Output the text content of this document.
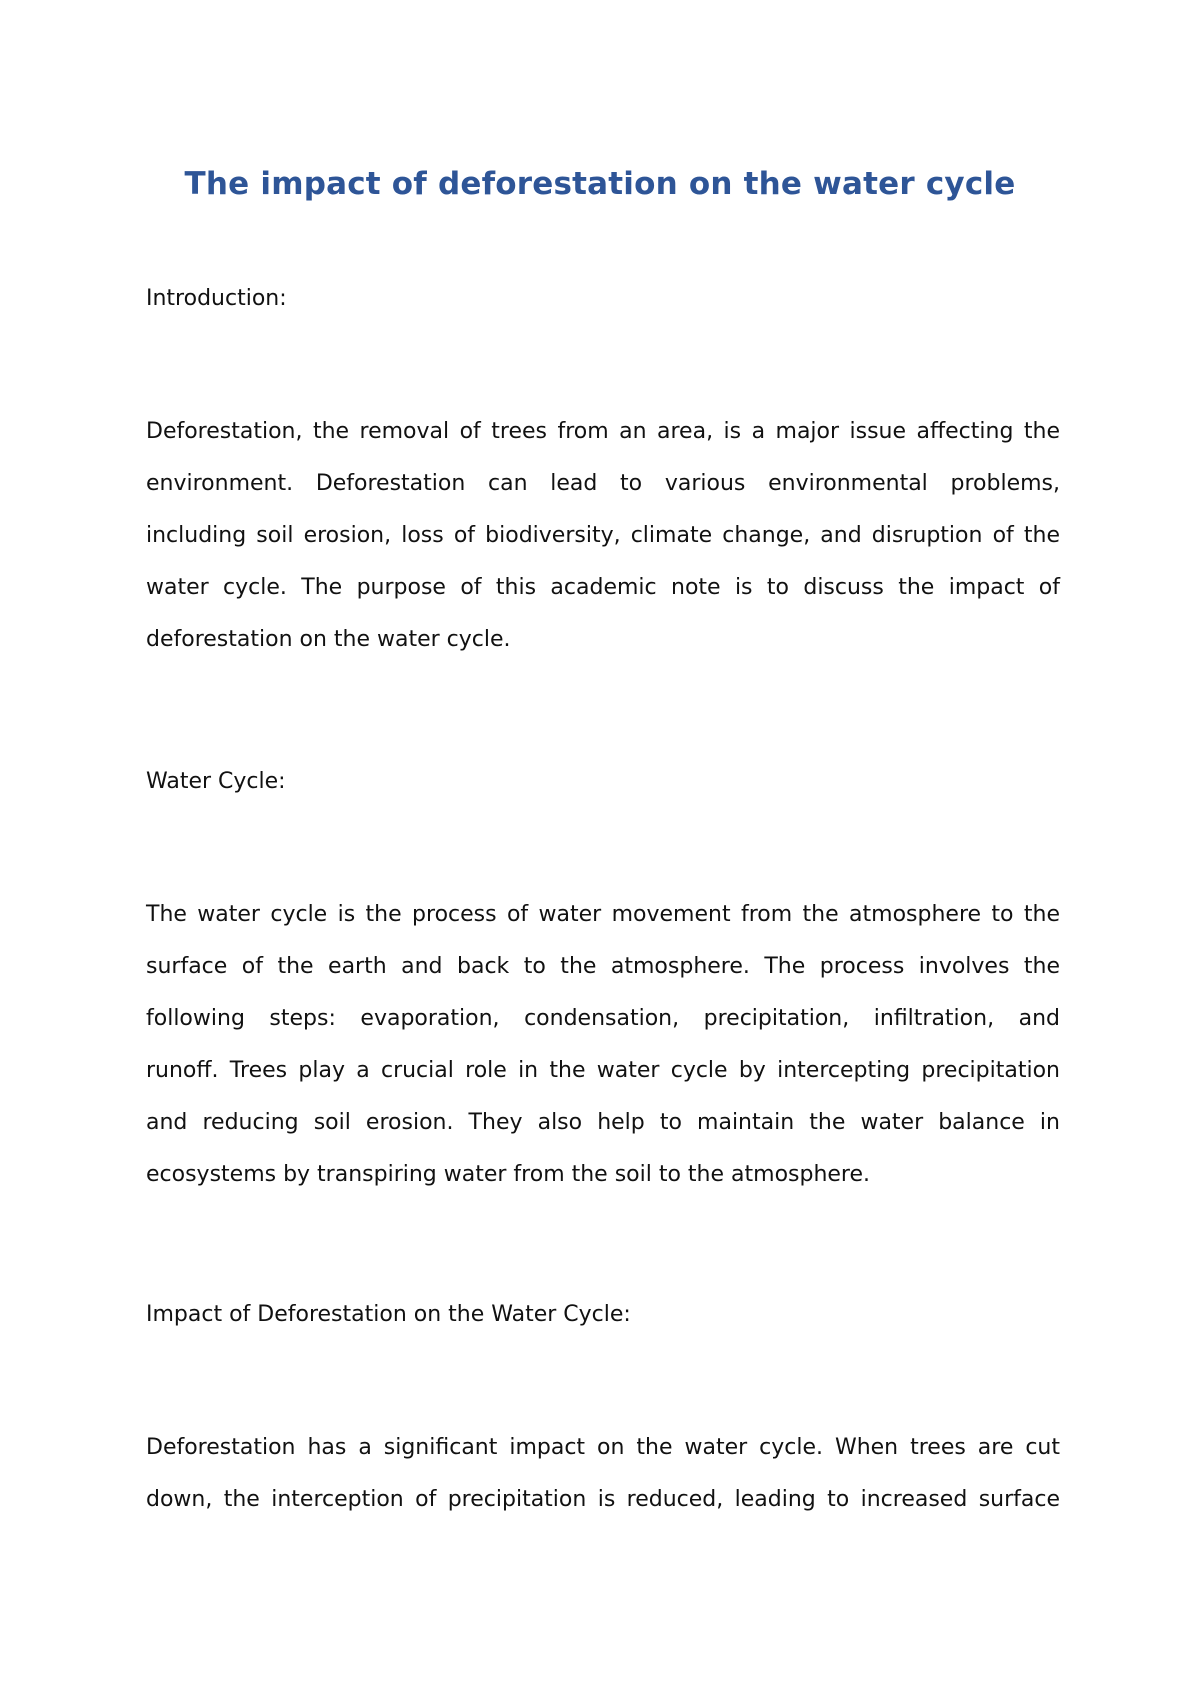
The impact of deforestation on the water cycle

Introduction:

Deforestation, the removal of trees from an area, is a major issue affecting the
environment. Deforestation can lead to various environmental problems,
including soil erosion, loss of biodiversity, climate change, and disruption of the
water cycle. The purpose of this academic note is to discuss the impact of
deforestation on the water cycle.

Water Cycle:

The water cycle is the process of water movement from the atmosphere to the
surface of the earth and back to the atmosphere. The process involves the
following steps: evaporation, condensation, precipitation, infiltration, and
runoff. Trees play a crucial role in the water cycle by intercepting precipitation
and reducing soil erosion. They also help to maintain the water balance in
ecosystems by transpiring water from the soil to the atmosphere.

Impact of Deforestation on the Water Cycle:

Deforestation has a significant impact on the water cycle. When trees are cut
down, the interception of precipitation is reduced, leading to increased surface
